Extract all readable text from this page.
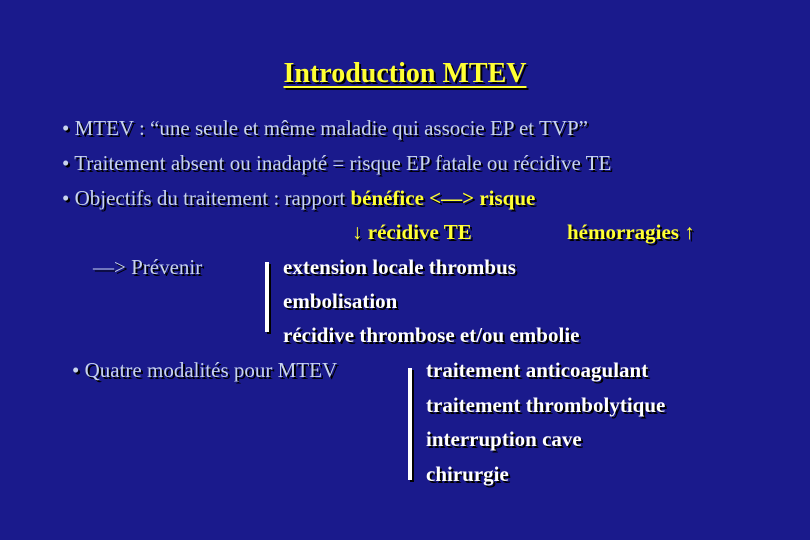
Introduction MTEV
• MTEV : “une seule et même maladie qui associe EP et TVP”
• Traitement absent ou inadapté = risque EP fatale ou récidive TE
• Objectifs du traitement : rapport bénéfice <—> risque
↓ récidive TE	hémorragies ↑
—> Prévenir	extension locale thrombus
embolisation
récidive thrombose et/ou embolie
• Quatre modalités pour MTEV	traitement anticoagulant
traitement thrombolytique
interruption cave
chirurgie
